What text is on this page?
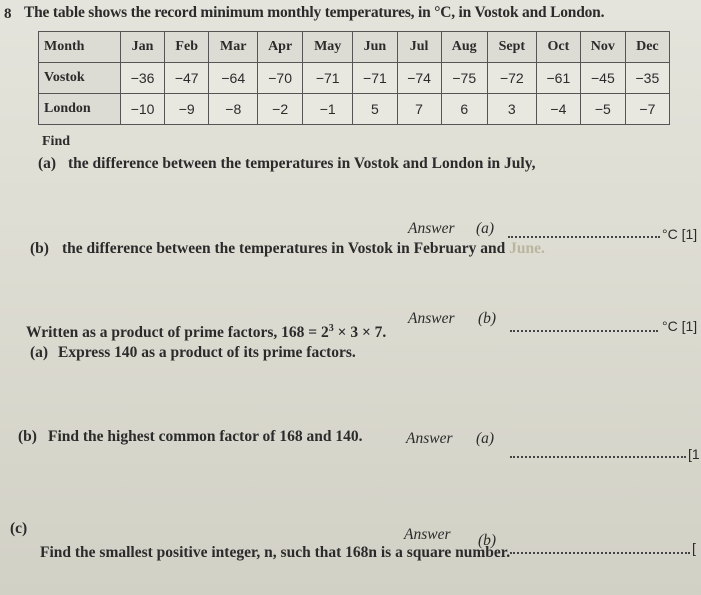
8 The table shows the record minimum monthly temperatures, in °C, in Vostok and London.
Month	Jan	Feb	Mar	Apr	May	Jun	Jul	Aug	Sept	Oct	Nov	Dec
Vostok	−36	−47	−64	−70	−71	−71	−74	−75	−72	−61	−45	−35
London	−10	−9	−8	−2	−1	5	7	6	3	−4	−5	−7
Find
(a) the difference between the temperatures in Vostok and London in July,
Answer (a)	°C [1]
(b) the difference between the temperatures in Vostok in February and June.
Answer (b)	°C [1]
Written as a product of prime factors, $168 = 2^3 \times 3 \times 7$.
(a) Express 140 as a product of its prime factors.
Answer (a)
[1
(b) Find the highest common factor of 168 and 140.
Answer (b)	[
(c)
Find the smallest positive integer, n, such that 168n is a square number.
